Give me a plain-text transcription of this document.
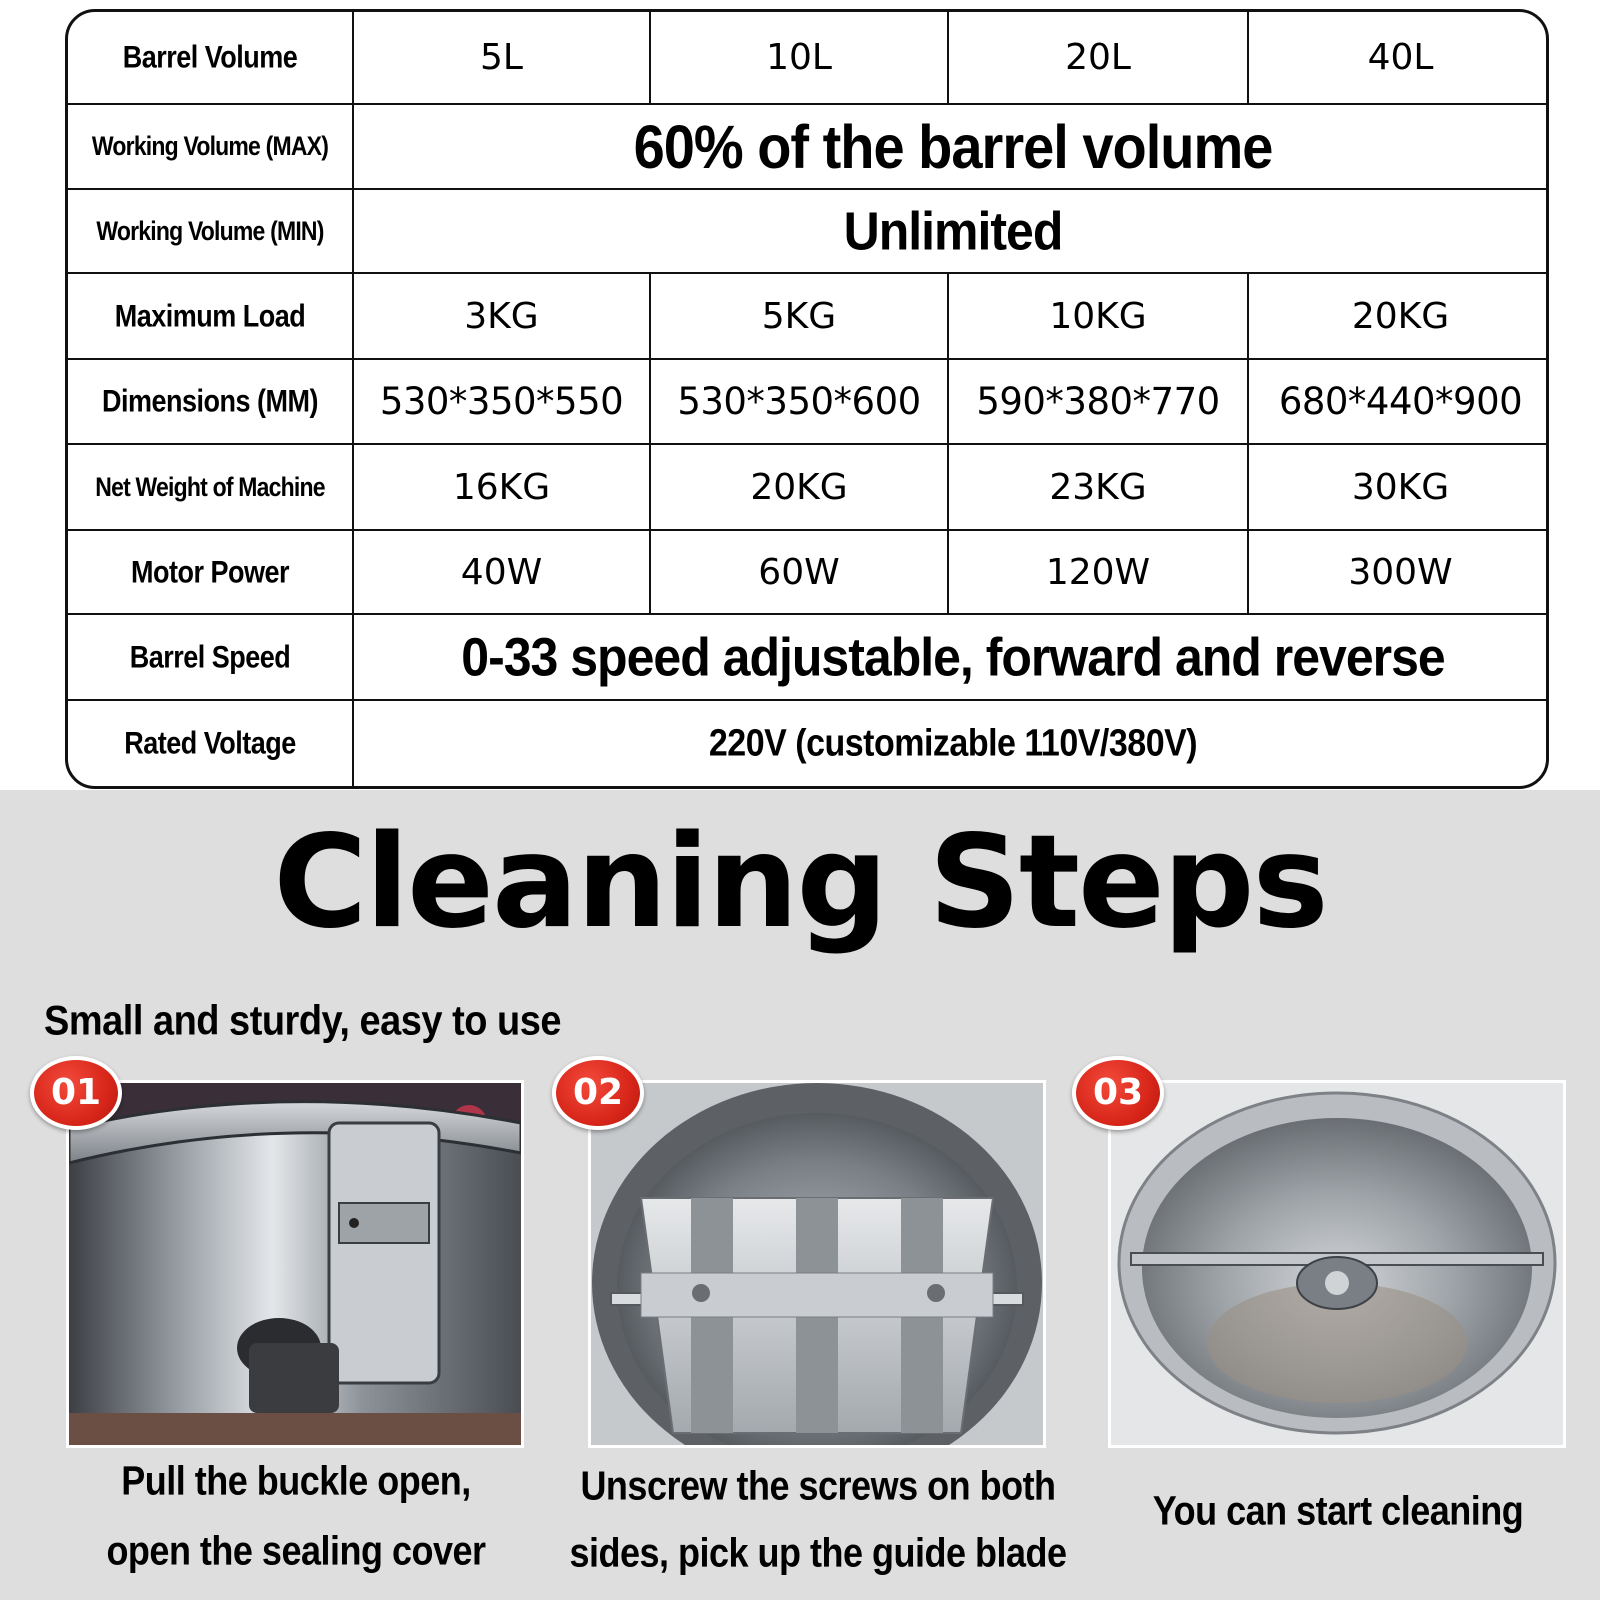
Barrel Volume	5L	10L	20L	40L
Working Volume (MAX)	60% of the barrel volume			
Working Volume (MIN)	Unlimited			
Maximum Load	3KG	5KG	10KG	20KG
Dimensions (MM)	530*350*550	530*350*600	590*380*770	680*440*900
Net Weight of Machine	16KG	20KG	23KG	30KG
Motor Power	40W	60W	120W	300W
Barrel Speed	0-33 speed adjustable, forward and reverse			
Rated Voltage	220V (customizable 110V/380V)			
Cleaning Steps
Small and sturdy, easy to use
01
Pull the buckle open,
open the sealing cover
02
Unscrew the screws on both
sides, pick up the guide blade
03
You can start cleaning
